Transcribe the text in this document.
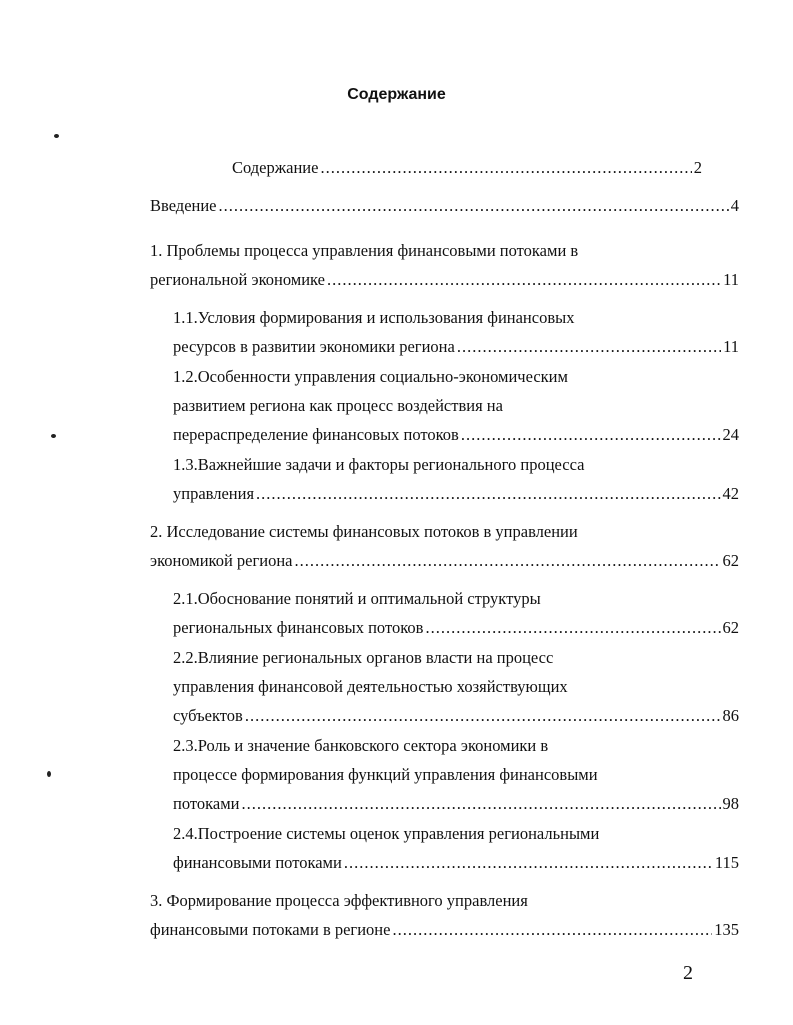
Содержание
Содержание .....	2
Введение .....	4
1. Проблемы процесса управления финансовыми потоками в
региональной экономике .....	11
1.1.Условия формирования и использования финансовых
ресурсов в развитии экономики региона .....	11
1.2.Особенности управления социально-экономическим
развитием региона как процесс воздействия на
перераспределение финансовых потоков .....	24
1.3.Важнейшие задачи и факторы регионального процесса
управления .....	42
2. Исследование системы финансовых потоков в управлении
экономикой региона .....	62
2.1.Обоснование понятий и оптимальной структуры
региональных финансовых потоков .....	62
2.2.Влияние региональных органов власти на процесс
управления финансовой деятельностью хозяйствующих
субъектов .....	86
2.3.Роль и значение банковского сектора экономики в
процессе формирования функций управления финансовыми
потоками .....	98
2.4.Построение системы оценок управления региональными
финансовыми потоками .....	115
3. Формирование процесса эффективного управления
финансовыми потоками в регионе .....	135
2
